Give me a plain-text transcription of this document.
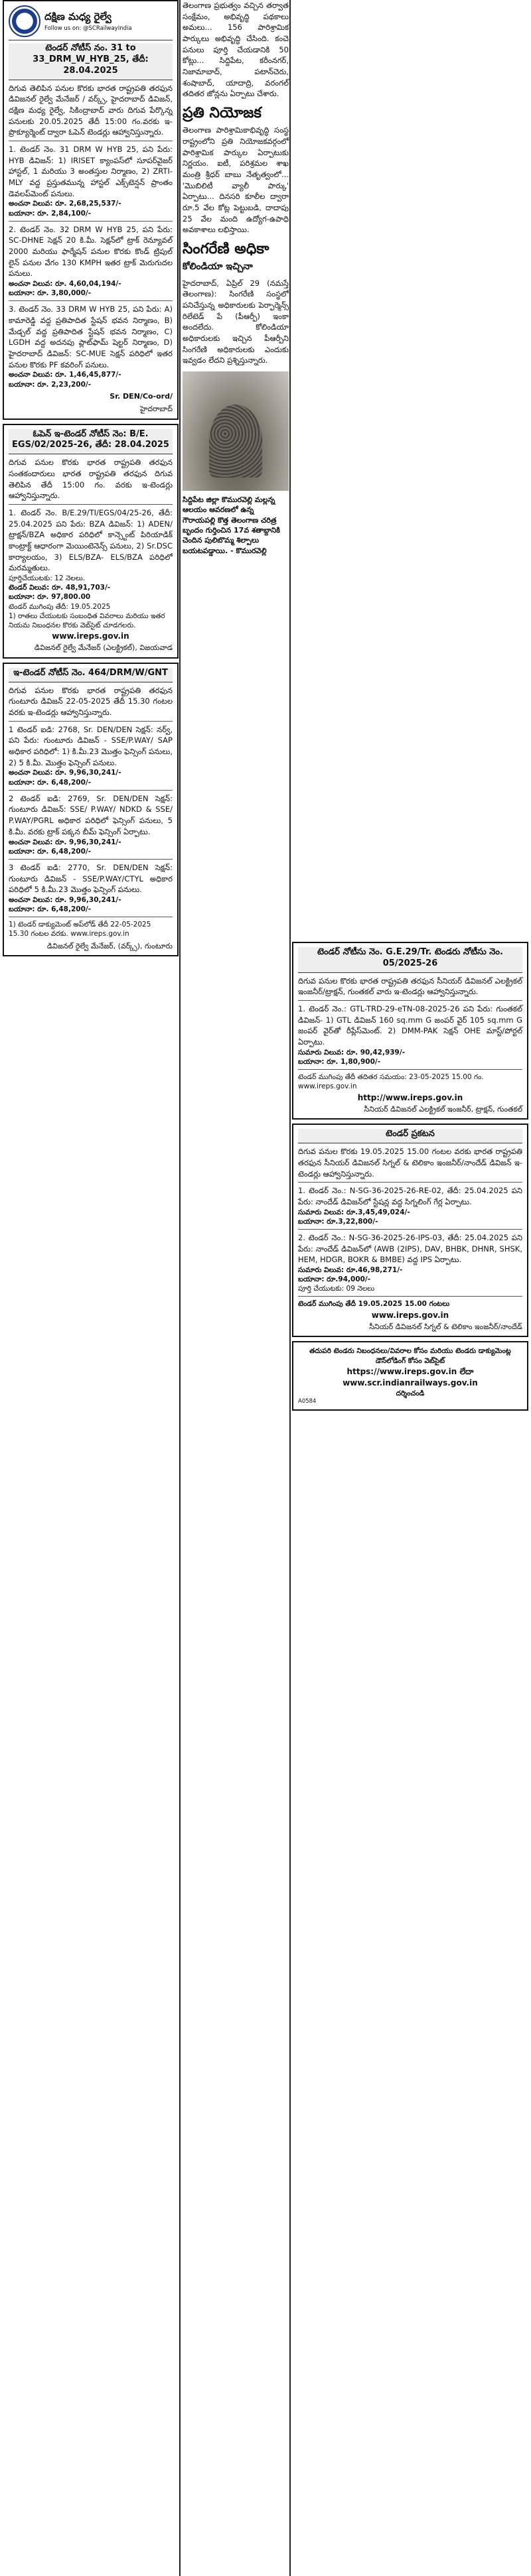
దక్షిణ మధ్య రైల్వే
Follow us on: @SCRailwayIndia
టెండర్ నోటీస్ నం. 31 to 33_DRM_W_HYB_25, తేదీ: 28.04.2025
దిగువ తెలిపిన పనుల కొరకు భారత రాష్ట్రపతి తరఫున డివిజనల్ రైల్వే మేనేజర్ / వర్క్స్, హైదరాబాద్ డివిజన్, దక్షిణ మధ్య రైల్వే, సికింద్రాబాద్ వారు దిగువ పేర్కొన్న పనులకు 20.05.2025 తేదీ 15:00 గం.వరకు ఇ-ప్రొక్యూర్మెంట్ ద్వారా ఓపెన్ టెండర్లు ఆహ్వానిస్తున్నారు.
1. టెండర్ నెం. 31 DRM W HYB 25, పని పేరు: HYB డివిజన్: 1) IRISET క్యాంపస్‌లో సూపర్‌వైజర్ హాస్టల్, 1 మరియు 3 అంతస్తుల నిర్మాణం, 2) ZRTI- MLY వద్ద ప్రస్తుతమున్న హాస్టల్ ఎక్స్‌టెన్షన్ ప్రాంతం డెవలప్‌మెంట్ పనులు.
అంచనా విలువ: రూ. 2,68,25,537/-
బయానా: రూ. 2,84,100/-
2. టెండర్ నెం. 32 DRM W HYB 25, పని పేరు: SC-DHNE సెక్షన్ 20 కి.మీ. సెక్షన్‌లో ట్రాక్ రెన్యూవల్ 2000 మరియు ఫార్మేషన్ పనుల కొరకు కొండ్ ట్రిపుల్ లైన్ పనుల వేగం 130 KMPH ఇతర ట్రాక్ మెరుగుదల పనులు.
అంచనా విలువ: రూ. 4,60,04,194/-
బయానా: రూ. 3,80,000/-
3. టెండర్ నెం. 33 DRM W HYB 25, పని పేరు: A) కామారెడ్డి వద్ద ప్రతిపాదిత స్టేషన్ భవన నిర్మాణం, B) మేడ్చల్ వద్ద ప్రతిపాదిత స్టేషన్ భవన నిర్మాణం, C) LGDH వద్ద అదనపు ప్లాట్‌ఫామ్ షెల్టర్ నిర్మాణం, D) హైదరాబాద్ డివిజన్: SC-MUE సెక్షన్ పరిధిలో ఇతర పనుల కొరకు PF కవరింగ్ పనులు.
అంచనా విలువ: రూ. 1,46,45,877/-
బయానా: రూ. 2,23,200/-
Sr. DEN/Co-ord/
హైదరాబాద్
ఓపెన్ ఇ-టెండర్ నోటీస్ నెం: B/E. EGS/02/2025-26, తేదీ: 28.04.2025
దిగువ పనుల కొరకు భారత రాష్ట్రపతి తరఫున సంతకందారులు భారత రాష్ట్రపతి తరఫున దిగువ తెలిపిన తేదీ 15:00 గం. వరకు ఇ-టెండర్లు ఆహ్వానిస్తున్నారు.
1. టెండర్ నెం. B/E.29/TI/EGS/04/25-26, తేదీ: 25.04.2025 పని పేరు: BZA డివిజన్: 1) ADEN/ట్రాక్షన్/BZA అధికార పరిధిలో కాన్స్టెంట్ పిరియాడిక్ కాంట్రాక్ట్ ఆధారంగా మెయింటెనెన్స్ పనులు, 2) Sr.DSC కార్యాలయం, 3) ELS/BZA- ELS/BZA పరిధిలో మరమ్మతులు.
పూర్తిచేయుటకు: 12 నెలలు.
టెండర్ విలువ: రూ. 48,91,703/-
బయానా: రూ. 97,800.00
టెండర్ ముగింపు తేదీ: 19.05.2025
1) రాతలు చేయుటకు సంబంధిత వివరాలు మరియు ఇతర నియమ నిబంధనల కొరకు వెబ్‌సైట్ చూడగలరు.
www.ireps.gov.in
డివిజనల్ రైల్వే మేనేజర్ (ఎలక్ట్రికల్), విజయవాడ
ఇ-టెండర్ నోటీస్ నెం. 464/DRM/W/GNT
దిగువ పనుల కొరకు భారత రాష్ట్రపతి తరఫున గుంటూరు డివిజన్ 22-05-2025 తేదీ 15.30 గంటల వరకు ఇ-టెండర్లు ఆహ్వానిస్తున్నారు.
1 టెండర్ ఐడి: 2768, Sr. DEN/DEN సెక్షన్: నర్వ్, పని పేరు: గుంటూరు డివిజన్ - SSE/P.WAY/ SAP అధికార పరిధిలో: 1) కి.మీ.23 మొత్తం ఫెన్సింగ్ పనులు, 2) 5 కి.మీ. మొత్తం ఫెన్సింగ్ పనులు.
అంచనా విలువ: రూ. 9,96,30,241/-
బయానా: రూ. 6,48,200/-
2 టెండర్ ఐడి: 2769, Sr. DEN/DEN సెక్షన్: గుంటూరు డివిజన్: SSE/ P.WAY/ NDKD & SSE/ P.WAY/PGRL అధికార పరిధిలో ఫెన్సింగ్ పనులు, 5 కి.మీ. వరకు ట్రాక్ పక్కన బీమ్ ఫెన్సింగ్ ఏర్పాటు.
అంచనా విలువ: రూ. 9,96,30,241/-
బయానా: రూ. 6,48,200/-
3 టెండర్ ఐడి: 2770, Sr. DEN/DEN సెక్షన్: గుంటూరు డివిజన్ - SSE/P.WAY/CTYL అధికార పరిధిలో 5 కి.మీ.23 మొత్తం ఫెన్సింగ్ పనులు.
అంచనా విలువ: రూ. 9,96,30,241/-
బయానా: రూ. 6,48,200/-
1) టెండర్ డాక్యుమెంట్ అప్‌లోడ్ తేదీ 22-05-2025 15.30 గంటల వరకు. www.ireps.gov.in
డివిజనల్ రైల్వే మేనేజర్, (వర్క్స్), గుంటూరు

తెలంగాణ ప్రభుత్వం వచ్చిన తర్వాత సంక్షేమం, అభివృద్ధి పథకాలు అమలు... 156 పారిశ్రామిక పార్కులు అభివృద్ధి చేసింది. కంచె పనులు పూర్తి చేయడానికి 50 కోట్లు... సిద్దిపేట, కరీంనగర్, నిజామాబాద్, పటాన్‌చెరు, శంషాబాద్, యాదాద్రి, వరంగల్ తదితర జోన్లను ఏర్పాటు చేశారు.

ప్రతి నియోజక

తెలంగాణ పారిశ్రామికాభివృద్ధి సంస్థ రాష్ట్రంలోని ప్రతి నియోజకవర్గంలో పారిశ్రామిక పార్కుల ఏర్పాటుకు నిర్ణయం. ఐటీ, పరిశ్రమల శాఖ మంత్రి శ్రీధర్ బాబు నేతృత్వంలో... 'మొబిలిటీ వ్యాలీ పార్కు' ఏర్పాటు... దినసరి కూలీల ద్వారా రూ.5 వేల కోట్ల పెట్టుబడి, దాదాపు 25 వేల మంది ఉద్యోగ-ఉపాధి అవకాశాలు లభిస్తాయి.

సింగరేణి అధికా
కోలిండియా ఇచ్చినా

హైదరాబాద్, ఏప్రిల్ 29 (నమస్తే తెలంగాణ): సింగరేణి సంస్థలో పనిచేస్తున్న అధికారులకు పెర్ఫార్మెన్స్ రిలేటెడ్ పే (పీఆర్పీ) ఇంకా అందలేదు. కోలిండియా అధికారులకు ఇచ్చిన పీఆర్పీని సింగరేణి అధికారులకు ఎందుకు ఇవ్వడం లేదని ప్రశ్నిస్తున్నారు.

సిద్దిపేట జిల్లా కొమురవెల్లి మల్లన్న ఆలయం ఆవరణలో ఉన్న గౌరాయపల్లి కొత్త తెలంగాణ చరిత్ర బృందం గుర్తించిన 17వ శతాబ్దానికి చెందిన పులిబొమ్మ శిల్పాలు బయటపడ్డాయి. - కొమురవెల్లి
టెండర్ నోటీసు నెం. G.E.29/Tr. టెండరు నోటీసు నెం. 05/2025-26
దిగువ పనుల కొరకు భారత రాష్ట్రపతి తరఫున సీనియర్ డివిజనల్ ఎలక్ట్రికల్ ఇంజనీర్/ట్రాక్షన్, గుంతకల్ వారు ఇ-టెండర్లు ఆహ్వానిస్తున్నారు.
1. టెండర్ నెం.: GTL-TRD-29-eTN-08-2025-26 పని పేరు: గుంతకల్ డివిజన్- 1) GTL డివిజన్ 160 sq.mm G జంపర్ వైర్ 105 sq.mm G జంపర్ వైర్‌తో రీప్లేస్‌మెంట్. 2) DMM-PAK సెక్షన్ OHE మాస్ట్/పోర్టల్ ఏర్పాటు.
సుమారు విలువ: రూ. 90,42,939/-
బయానా: రూ. 1,80,900/-
టెండర్ ముగింపు తేదీ తదితర సమయం: 23-05-2025 15.00 గం. www.ireps.gov.in
http://www.ireps.gov.in
సీనియర్ డివిజనల్ ఎలక్ట్రికల్ ఇంజనీర్, ట్రాక్షన్, గుంతకల్
టెండర్ ప్రకటన
దిగువ పనుల కొరకు 19.05.2025 15.00 గంటల వరకు భారత రాష్ట్రపతి తరఫున సీనియర్ డివిజనల్ సిగ్నల్ & టెలికాం ఇంజనీర్/నాందేడ్ డివిజన్ ఇ-టెండర్లు ఆహ్వానిస్తున్నారు.
1. టెండర్ నెం.: N-SG-36-2025-26-RE-02, తేదీ: 25.04.2025 పని పేరు: నాందేడ్ డివిజన్‌లో స్టేషన్ల వద్ద సిగ్నలింగ్ గేర్ల ఏర్పాటు.
సుమారు విలువ: రూ.3,45,49,024/-
బయానా: రూ.3,22,800/-
2. టెండర్ నెం.: N-SG-36-2025-26-IPS-03, తేదీ: 25.04.2025 పని పేరు: నాందేడ్ డివిజన్‌లో (AWB (2IPS), DAV, BHBK, DHNR, SHSK, HEM, HDGR, BOKR & BMBE) వద్ద IPS ఏర్పాటు.
సుమారు విలువ: రూ.46,98,271/-
బయానా: రూ.94,000/-
పూర్తి చేయుటకు: 09 నెలలు
టెండర్ ముగింపు తేదీ 19.05.2025 15.00 గంటలు
www.ireps.gov.in
సీనియర్ డివిజనల్ సిగ్నల్ & టెలికాం ఇంజనీర్/నాందేడ్
తదుపరి టెండరు నిబంధనలు/వివరాల కోసం మరియు టెండరు డాక్యుమెంట్ల డౌన్‌లోడింగ్ కోసం వెబ్‌సైట్
https://www.ireps.gov.in లేదా www.scr.indianrailways.gov.in
దర్శించండి
A0584
